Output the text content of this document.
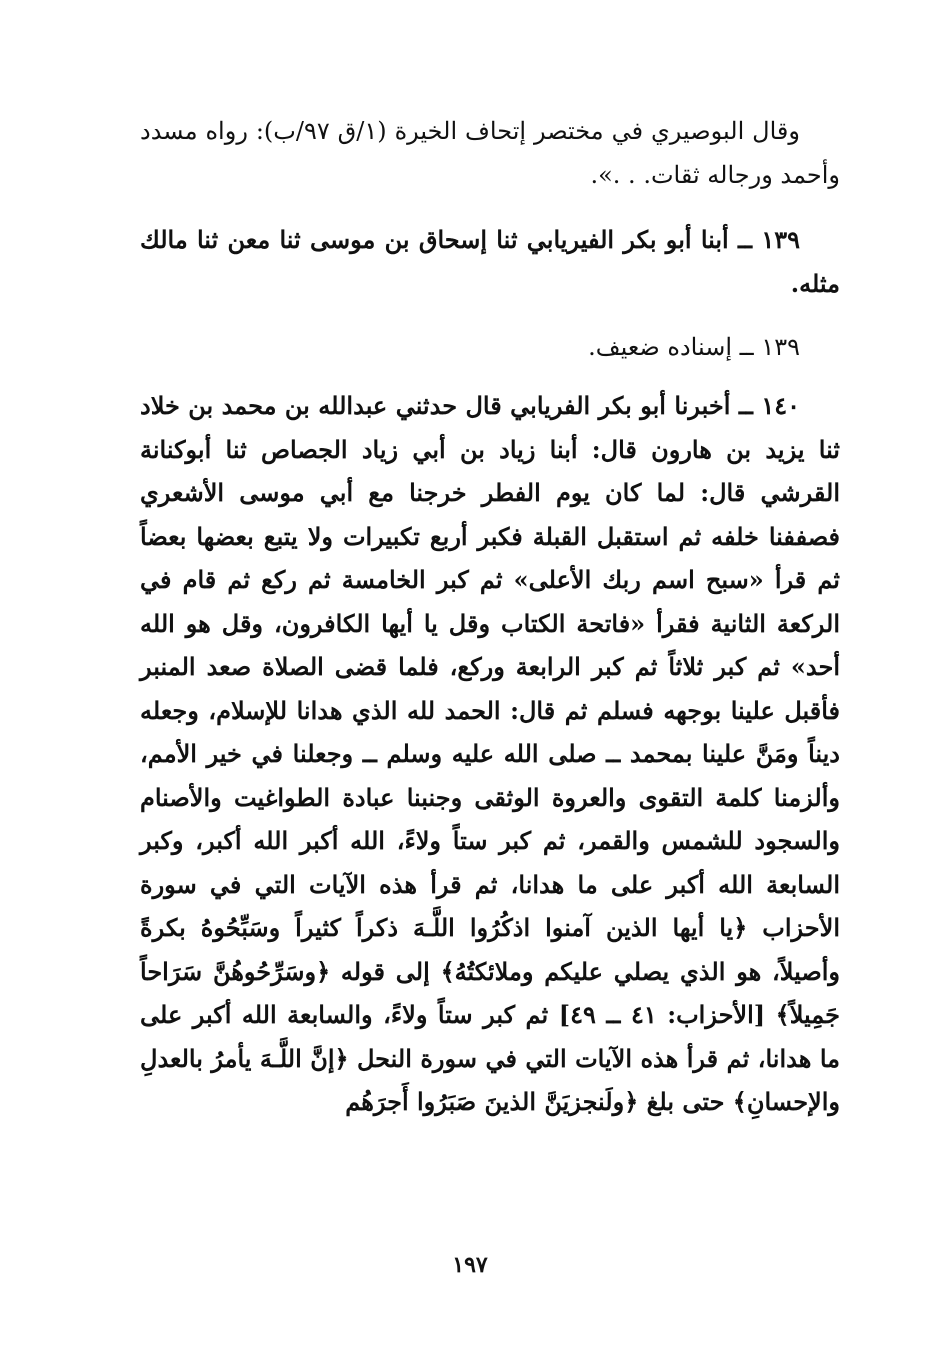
وقال البوصيري في مختصر إتحاف الخيرة (١/ق ٩٧/ب): رواه مسدد وأحمد ورجاله ثقات. . .».

١٣٩ ــ أبنا أبو بكر الفيريابي ثنا إسحاق بن موسى ثنا معن ثنا مالك مثله.

١٣٩ ــ إسناده ضعيف.

١٤٠ ــ أخبرنا أبو بكر الفريابي قال حدثني عبدالله بن محمد بن خلاد ثنا يزيد بن هارون قال: أبنا زياد بن أبي زياد الجصاص ثنا أبوكنانة القرشي قال: لما كان يوم الفطر خرجنا مع أبي موسى الأشعري فصففنا خلفه ثم استقبل القبلة فكبر أربع تكبيرات ولا يتبع بعضها بعضاً ثم قرأ «سبح اسم ربك الأعلى» ثم كبر الخامسة ثم ركع ثم قام في الركعة الثانية فقرأ «فاتحة الكتاب وقل يا أيها الكافرون، وقل هو الله أحد» ثم كبر ثلاثاً ثم كبر الرابعة وركع، فلما قضى الصلاة صعد المنبر فأقبل علينا بوجهه فسلم ثم قال: الحمد لله الذي هدانا للإسلام، وجعله ديناً ومَنَّ علينا بمحمد ــ صلى الله عليه وسلم ــ وجعلنا في خير الأمم، وألزمنا كلمة التقوى والعروة الوثقى وجنبنا عبادة الطواغيت والأصنام والسجود للشمس والقمر، ثم كبر ستاً ولاءً، الله أكبر الله أكبر، وكبر السابعة الله أكبر على ما هدانا، ثم قرأ هذه الآيات التي في سورة الأحزاب ﴿يا أيها الذين آمنوا اذكُرُوا اللَّـهَ ذكراً كثيراً وسَبِّحُوهُ بكرةً وأصيلاً، هو الذي يصلي عليكم وملائكتُهُ﴾ إلى قوله ﴿وسَرِّحُوهُنَّ سَرَاحاً جَمِيلاً﴾ [الأحزاب: ٤١ ــ ٤٩] ثم كبر ستاً ولاءً، والسابعة الله أكبر على ما هدانا، ثم قرأ هذه الآيات التي في سورة النحل ﴿إنَّ اللَّـهَ يأمرُ بالعدلِ والإحسانِ﴾ حتى بلغ ﴿ولَنجزيَنَّ الذينَ صَبَرُوا أَجرَهُم

١٩٧
